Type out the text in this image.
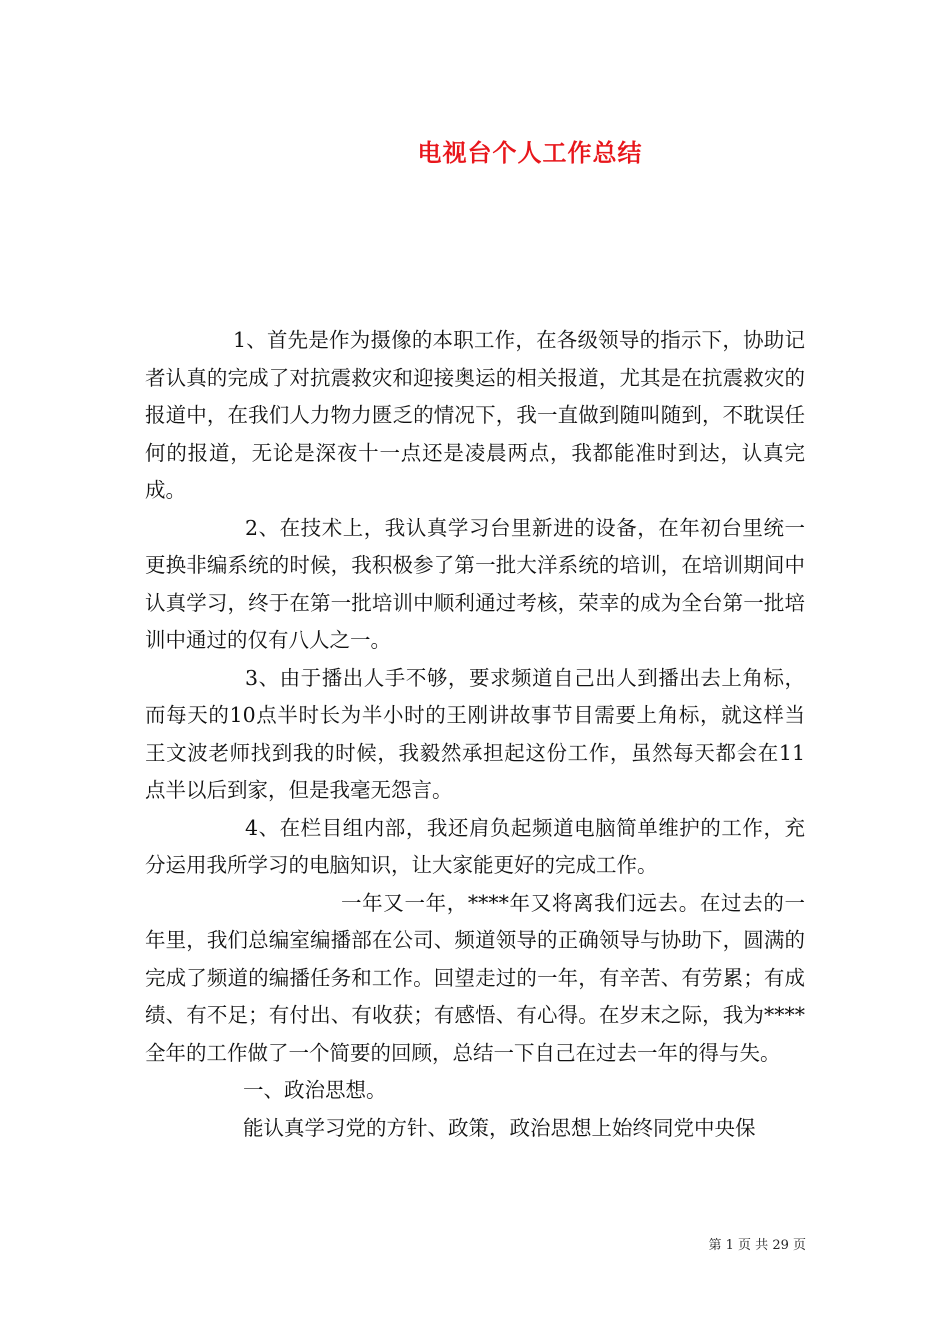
电视台个人工作总结

1、首先是作为摄像的本职工作，在各级领导的指示下，协助记者认真的完成了对抗震救灾和迎接奥运的相关报道，尤其是在抗震救灾的报道中，在我们人力物力匮乏的情况下，我一直做到随叫随到，不耽误任何的报道，无论是深夜十一点还是凌晨两点，我都能准时到达，认真完成。

2、在技术上，我认真学习台里新进的设备，在年初台里统一更换非编系统的时候，我积极参了第一批大洋系统的培训，在培训期间中认真学习，终于在第一批培训中顺利通过考核，荣幸的成为全台第一批培训中通过的仅有八人之一。

3、由于播出人手不够，要求频道自己出人到播出去上角标，而每天的10点半时长为半小时的王刚讲故事节目需要上角标，就这样当王文波老师找到我的时候，我毅然承担起这份工作，虽然每天都会在11点半以后到家，但是我毫无怨言。

4、在栏目组内部，我还肩负起频道电脑简单维护的工作，充分运用我所学习的电脑知识，让大家能更好的完成工作。

一年又一年，****年又将离我们远去。在过去的一年里，我们总编室编播部在公司、频道领导的正确领导与协助下，圆满的完成了频道的编播任务和工作。回望走过的一年，有辛苦、有劳累；有成绩、有不足；有付出、有收获；有感悟、有心得。在岁末之际，我为****全年的工作做了一个简要的回顾，总结一下自己在过去一年的得与失。

一、政治思想。

能认真学习党的方针、政策，政治思想上始终同党中央保

第 1 页 共 29 页
